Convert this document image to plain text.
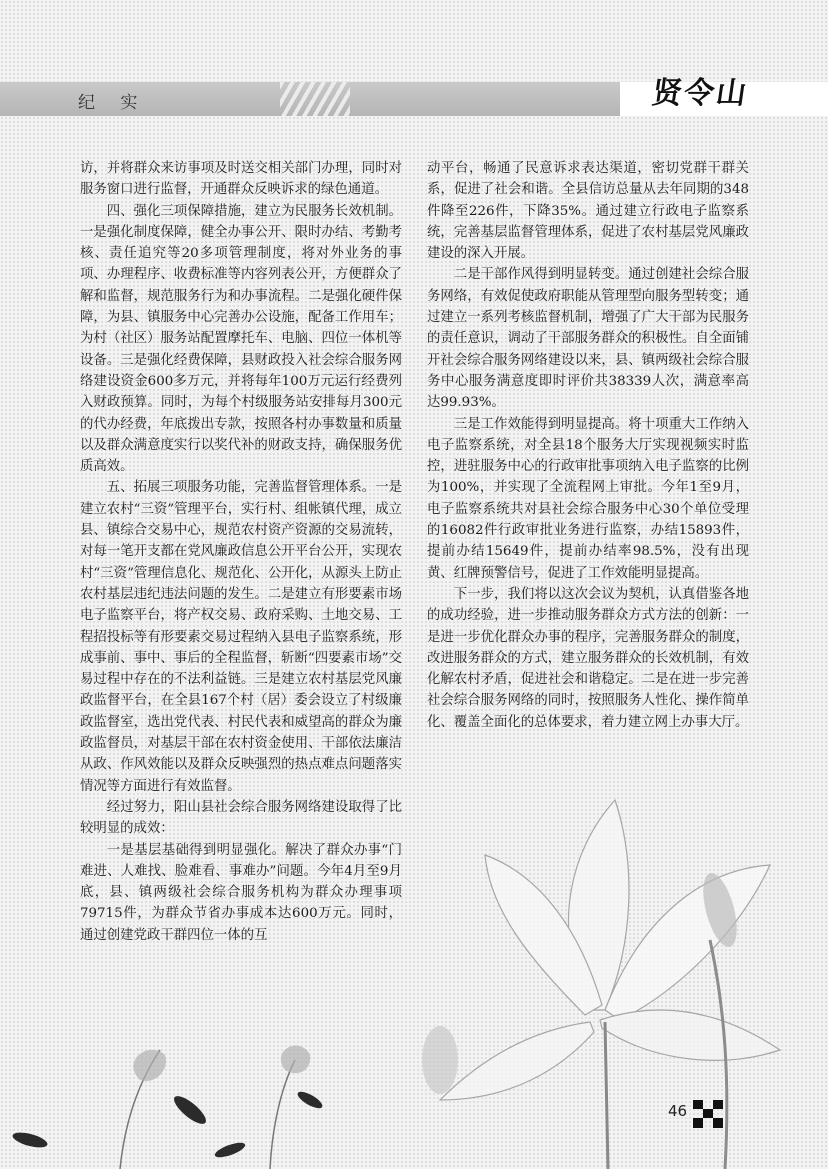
纪 实	贤令山

访，并将群众来访事项及时送交相关部门办理，同时对服务窗口进行监督，开通群众反映诉求的绿色通道。

四、强化三项保障措施，建立为民服务长效机制。一是强化制度保障，健全办事公开、限时办结、考勤考核、责任追究等20多项管理制度，将对外业务的事项、办理程序、收费标准等内容列表公开，方便群众了解和监督，规范服务行为和办事流程。二是强化硬件保障，为县、镇服务中心完善办公设施，配备工作用车；为村（社区）服务站配置摩托车、电脑、四位一体机等设备。三是强化经费保障，县财政投入社会综合服务网络建设资金600多万元，并将每年100万元运行经费列入财政预算。同时，为每个村级服务站安排每月300元的代办经费，年底拨出专款，按照各村办事数量和质量以及群众满意度实行以奖代补的财政支持，确保服务优质高效。

五、拓展三项服务功能，完善监督管理体系。一是建立农村“三资”管理平台，实行村、组帐镇代理，成立县、镇综合交易中心，规范农村资产资源的交易流转，对每一笔开支都在党风廉政信息公开平台公开，实现农村“三资”管理信息化、规范化、公开化，从源头上防止农村基层违纪违法问题的发生。二是建立有形要素市场电子监察平台，将产权交易、政府采购、土地交易、工程招投标等有形要素交易过程纳入县电子监察系统，形成事前、事中、事后的全程监督，斩断“四要素市场”交易过程中存在的不法利益链。三是建立农村基层党风廉政监督平台，在全县167个村（居）委会设立了村级廉政监督室，选出党代表、村民代表和威望高的群众为廉政监督员，对基层干部在农村资金使用、干部依法廉洁从政、作风效能以及群众反映强烈的热点难点问题落实情况等方面进行有效监督。

经过努力，阳山县社会综合服务网络建设取得了比较明显的成效：

一是基层基础得到明显强化。解决了群众办事“门难进、人难找、脸难看、事难办”问题。今年4月至9月底，县、镇两级社会综合服务机构为群众办理事项79715件，为群众节省办事成本达600万元。同时，通过创建党政干群四位一体的互

动平台，畅通了民意诉求表达渠道，密切党群干群关系，促进了社会和谐。全县信访总量从去年同期的348件降至226件，下降35%。通过建立行政电子监察系统，完善基层监督管理体系，促进了农村基层党风廉政建设的深入开展。

二是干部作风得到明显转变。通过创建社会综合服务网络，有效促使政府职能从管理型向服务型转变；通过建立一系列考核监督机制，增强了广大干部为民服务的责任意识，调动了干部服务群众的积极性。自全面铺开社会综合服务网络建设以来，县、镇两级社会综合服务中心服务满意度即时评价共38339人次，满意率高达99.93%。

三是工作效能得到明显提高。将十项重大工作纳入电子监察系统，对全县18个服务大厅实现视频实时监控，进驻服务中心的行政审批事项纳入电子监察的比例为100%，并实现了全流程网上审批。今年1至9月，电子监察系统共对县社会综合服务中心30个单位受理的16082件行政审批业务进行监察，办结15893件，提前办结15649件，提前办结率98.5%，没有出现黄、红牌预警信号，促进了工作效能明显提高。

下一步，我们将以这次会议为契机，认真借鉴各地的成功经验，进一步推动服务群众方式方法的创新：一是进一步优化群众办事的程序，完善服务群众的制度，改进服务群众的方式，建立服务群众的长效机制，有效化解农村矛盾，促进社会和谐稳定。二是在进一步完善社会综合服务网络的同时，按照服务人性化、操作简单化、覆盖全面化的总体要求，着力建立网上办事大厅。

46
